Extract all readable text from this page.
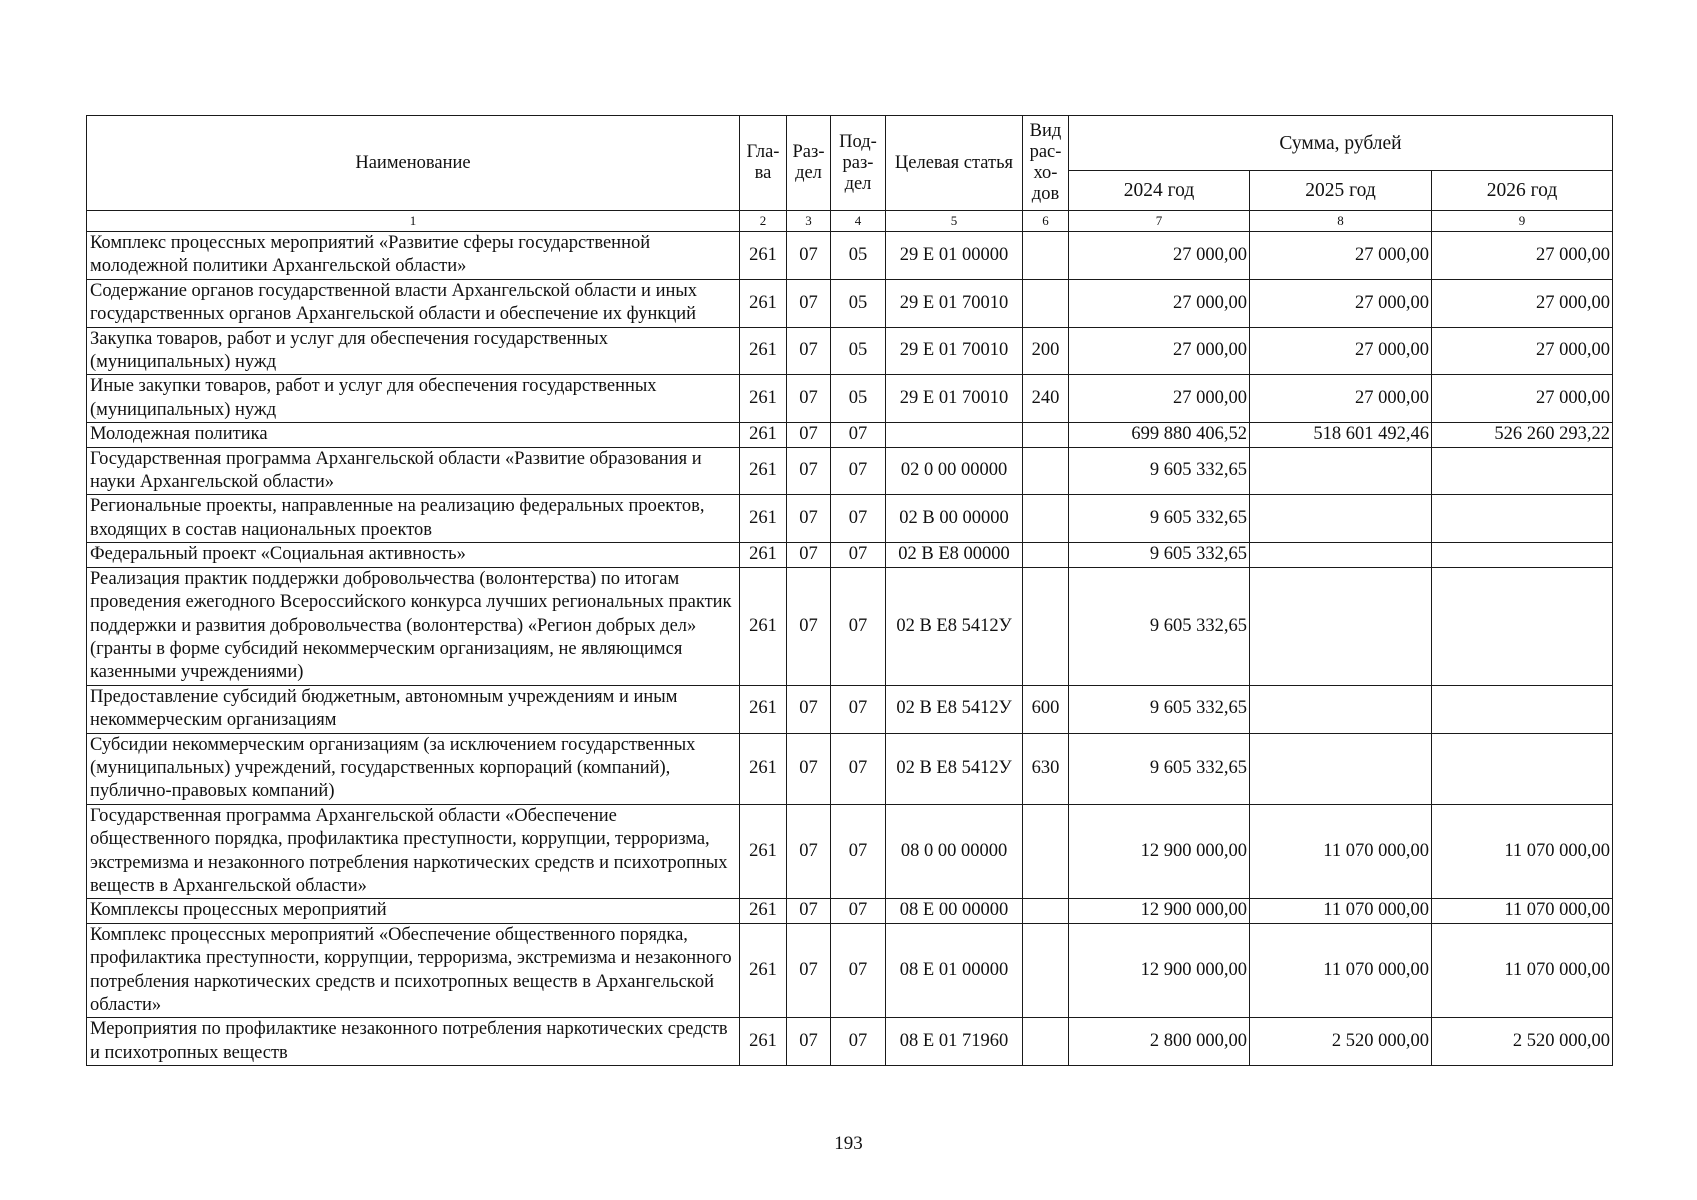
Наименование	Гла-ва	Раз-дел	Под-раз-дел	Целевая статья	Вид рас-хо-дов	Сумма, рублей		
						2024 год	2025 год	2026 год
1	2	3	4	5	6	7	8	9
Комплекс процессных мероприятий «Развитие сферы государственной молодежной политики Архангельской области»	261	07	05	29 Е 01 00000		27 000,00	27 000,00	27 000,00
Содержание органов государственной власти Архангельской области и иных государственных органов Архангельской области и обеспечение их функций	261	07	05	29 Е 01 70010		27 000,00	27 000,00	27 000,00
Закупка товаров, работ и услуг для обеспечения государственных (муниципальных) нужд	261	07	05	29 Е 01 70010	200	27 000,00	27 000,00	27 000,00
Иные закупки товаров, работ и услуг для обеспечения государственных (муниципальных) нужд	261	07	05	29 Е 01 70010	240	27 000,00	27 000,00	27 000,00
Молодежная политика	261	07	07			699 880 406,52	518 601 492,46	526 260 293,22
Государственная программа Архангельской области «Развитие образования и науки Архангельской области»	261	07	07	02 0 00 00000		9 605 332,65		
Региональные проекты, направленные на реализацию федеральных проектов, входящих в состав национальных проектов	261	07	07	02 В 00 00000		9 605 332,65		
Федеральный проект «Социальная активность»	261	07	07	02 В Е8 00000		9 605 332,65		
Реализация практик поддержки добровольчества (волонтерства) по итогам проведения ежегодного Всероссийского конкурса лучших региональных практик поддержки и развития добровольчества (волонтерства) «Регион добрых дел» (гранты в форме субсидий некоммерческим организациям, не являющимся казенными учреждениями)	261	07	07	02 В Е8 5412У		9 605 332,65		
Предоставление субсидий бюджетным, автономным учреждениям и иным некоммерческим организациям	261	07	07	02 В Е8 5412У	600	9 605 332,65		
Субсидии некоммерческим организациям (за исключением государственных (муниципальных) учреждений, государственных корпораций (компаний), публично-правовых компаний)	261	07	07	02 В Е8 5412У	630	9 605 332,65		
Государственная программа Архангельской области «Обеспечение общественного порядка, профилактика преступности, коррупции, терроризма, экстремизма и незаконного потребления наркотических средств и психотропных веществ в Архангельской области»	261	07	07	08 0 00 00000		12 900 000,00	11 070 000,00	11 070 000,00
Комплексы процессных мероприятий	261	07	07	08 Е 00 00000		12 900 000,00	11 070 000,00	11 070 000,00
Комплекс процессных мероприятий «Обеспечение общественного порядка, профилактика преступности, коррупции, терроризма, экстремизма и незаконного потребления наркотических средств и психотропных веществ в Архангельской области»	261	07	07	08 Е 01 00000		12 900 000,00	11 070 000,00	11 070 000,00
Мероприятия по профилактике незаконного потребления наркотических средств и психотропных веществ	261	07	07	08 Е 01 71960		2 800 000,00	2 520 000,00	2 520 000,00
193
